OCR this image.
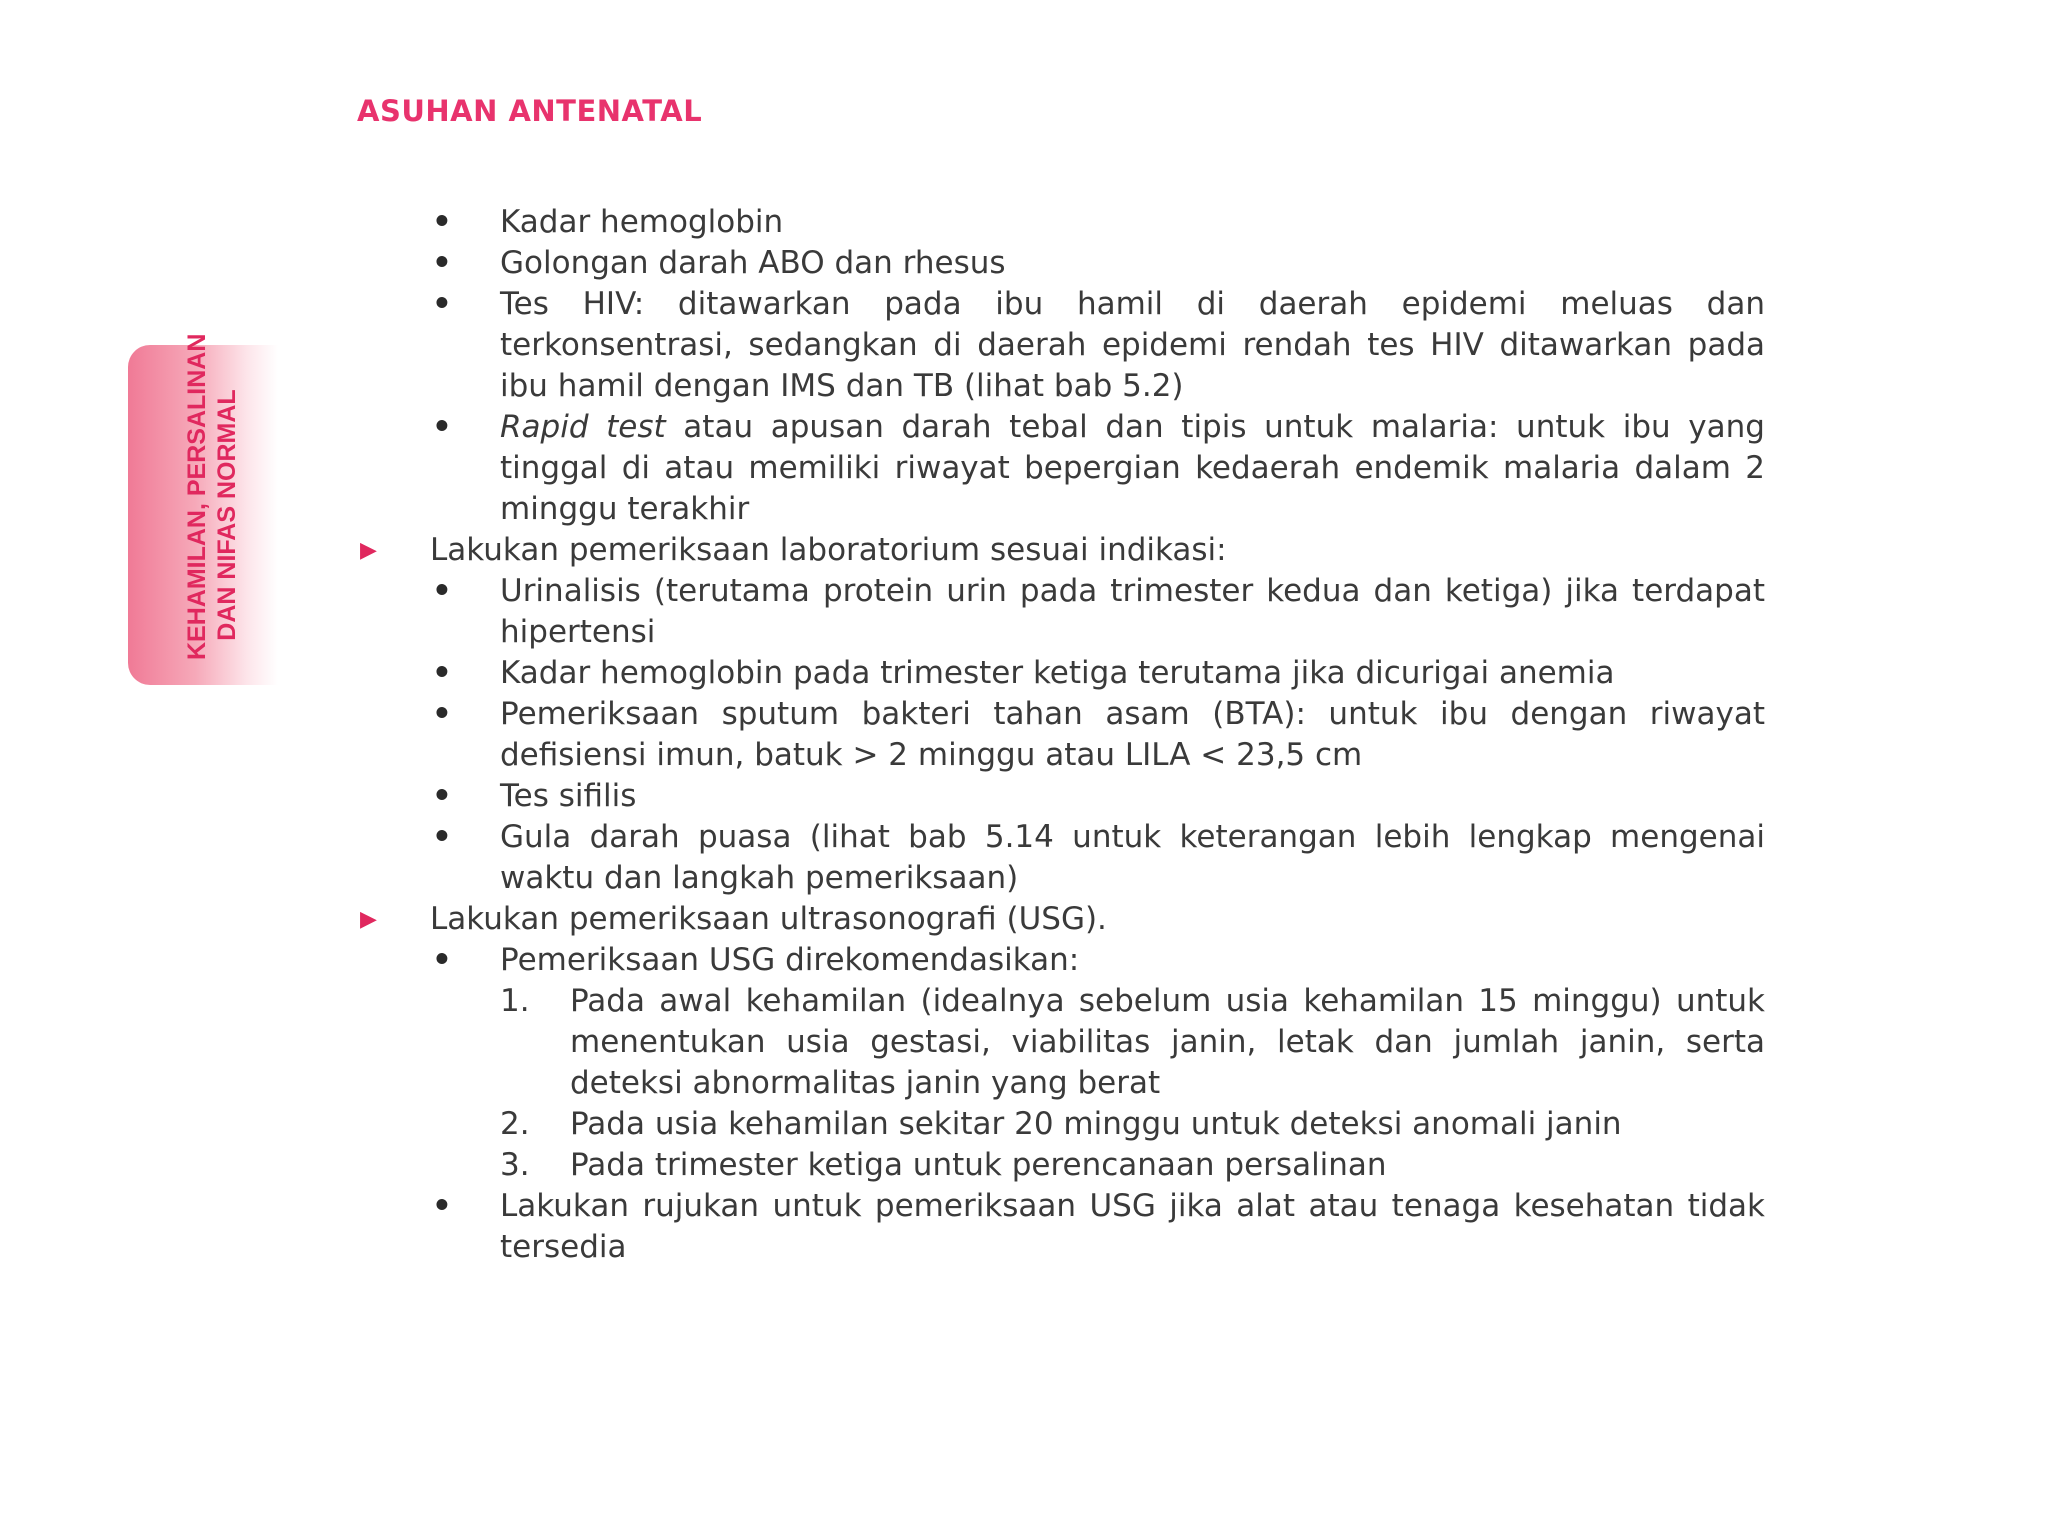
ASUHAN ANTENATAL
KEHAMILAN, PERSALINAN DAN NIFAS NORMAL
• Kadar hemoglobin
• Golongan darah ABO dan rhesus
• Tes HIV: ditawarkan pada ibu hamil di daerah epidemi meluas dan terkonsentrasi, sedangkan di daerah epidemi rendah tes HIV ditawarkan pada ibu hamil dengan IMS dan TB (lihat bab 5.2)
• Rapid test atau apusan darah tebal dan tipis untuk malaria: untuk ibu yang tinggal di atau memiliki riwayat bepergian kedaerah endemik malaria dalam 2 minggu terakhir
▶ Lakukan pemeriksaan laboratorium sesuai indikasi:
• Urinalisis (terutama protein urin pada trimester kedua dan ketiga) jika terdapat hipertensi
• Kadar hemoglobin pada trimester ketiga terutama jika dicurigai anemia
• Pemeriksaan sputum bakteri tahan asam (BTA): untuk ibu dengan riwayat defisiensi imun, batuk > 2 minggu atau LILA < 23,5 cm
• Tes sifilis
• Gula darah puasa (lihat bab 5.14 untuk keterangan lebih lengkap mengenai waktu dan langkah pemeriksaan)
▶ Lakukan pemeriksaan ultrasonografi (USG).
• Pemeriksaan USG direkomendasikan:
1. Pada awal kehamilan (idealnya sebelum usia kehamilan 15 minggu) untuk menentukan usia gestasi, viabilitas janin, letak dan jumlah janin, serta deteksi abnormalitas janin yang berat
2. Pada usia kehamilan sekitar 20 minggu untuk deteksi anomali janin
3. Pada trimester ketiga untuk perencanaan persalinan
• Lakukan rujukan untuk pemeriksaan USG jika alat atau tenaga kesehatan tidak tersedia
